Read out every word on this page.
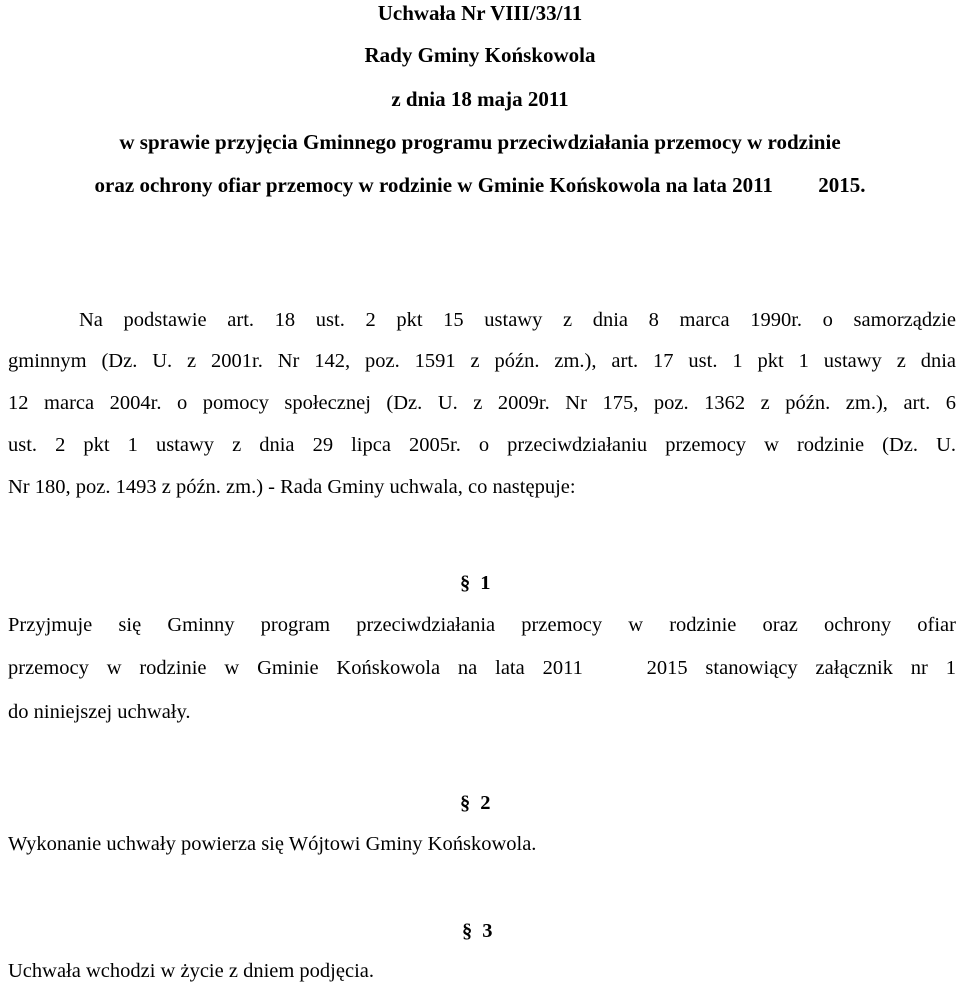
Uchwała Nr VIII/33/11
Rady Gminy Końskowola
z dnia 18 maja 2011
w sprawie przyjęcia Gminnego programu przeciwdziałania przemocy w rodzinie
oraz ochrony ofiar przemocy w rodzinie w Gminie Końskowola na lata 2011 2015.
Na podstawie art. 18 ust. 2 pkt 15 ustawy z dnia 8 marca 1990r. o samorządzie
gminnym (Dz. U. z 2001r. Nr 142, poz. 1591 z późn. zm.), art. 17 ust. 1 pkt 1 ustawy z dnia
12 marca 2004r. o pomocy społecznej (Dz. U. z 2009r. Nr 175, poz. 1362 z późn. zm.), art. 6
ust. 2 pkt 1 ustawy z dnia 29 lipca 2005r. o przeciwdziałaniu przemocy w rodzinie (Dz. U.
Nr 180, poz. 1493 z późn. zm.) - Rada Gminy uchwala, co następuje:
§ 1
Przyjmuje się Gminny program przeciwdziałania przemocy w rodzinie oraz ochrony ofiar
przemocy w rodzinie w Gminie Końskowola na lata 2011	2015 stanowiący załącznik nr 1
do niniejszej uchwały.
§ 2
Wykonanie uchwały powierza się Wójtowi Gminy Końskowola.
§ 3
Uchwała wchodzi w życie z dniem podjęcia.
